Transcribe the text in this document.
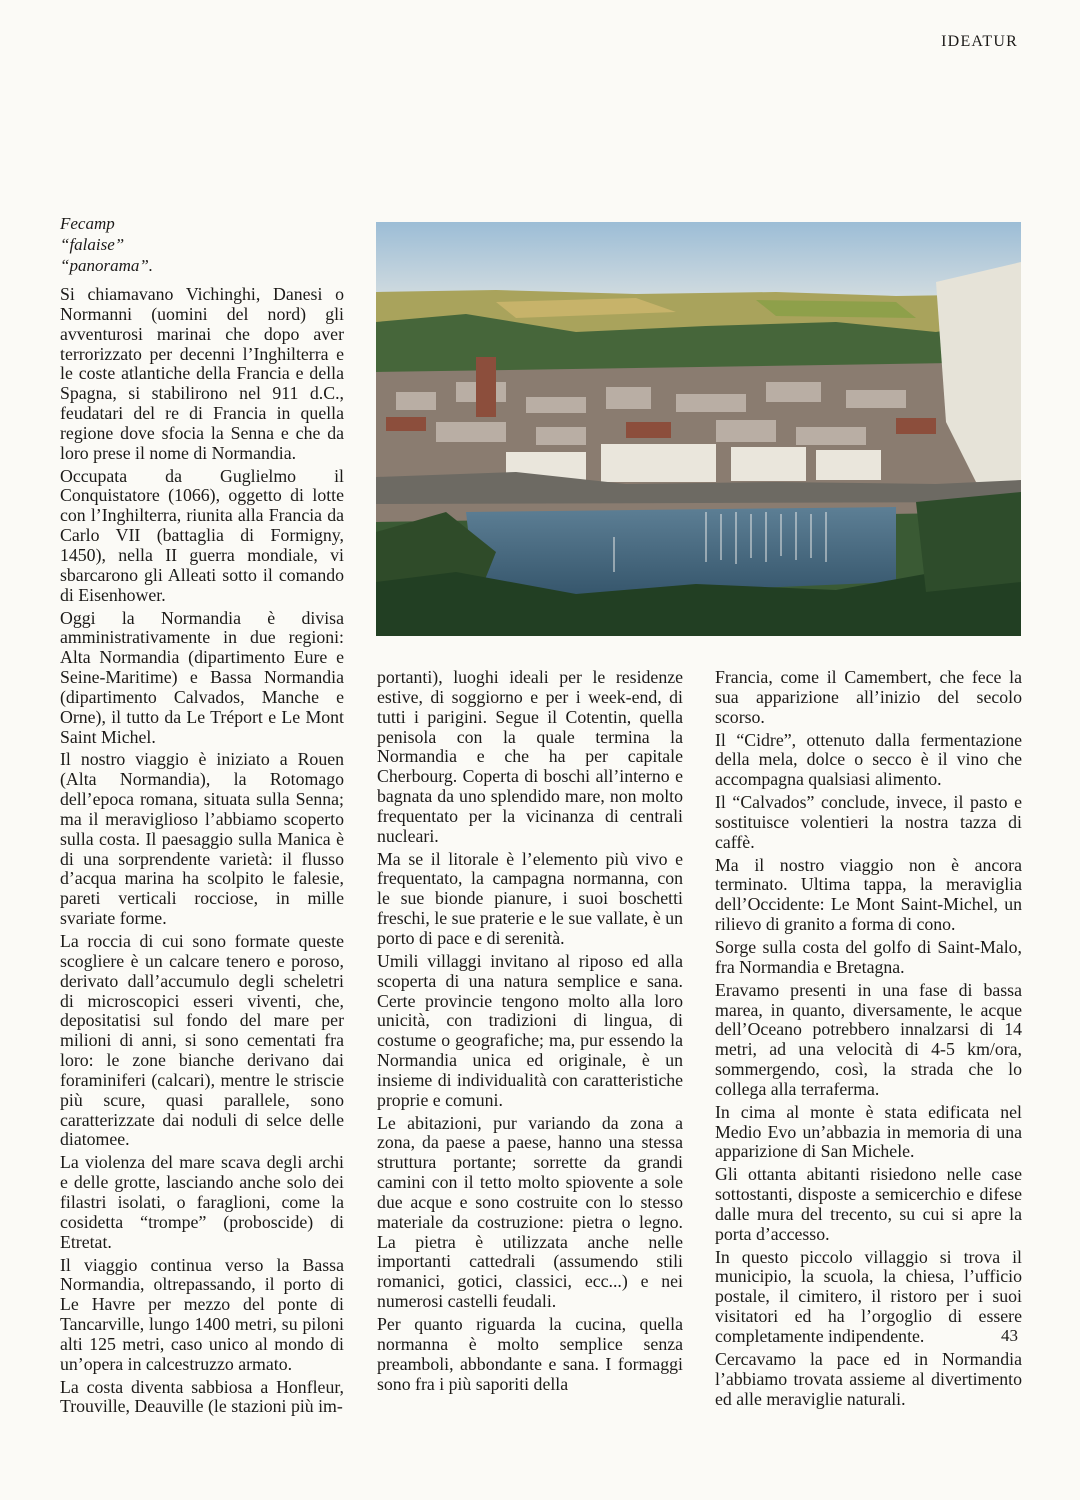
IDEATUR
Fecamp
“falaise”
“panorama”.

Si chiamavano Vichinghi, Danesi o Normanni (uomini del nord) gli avventurosi marinai che dopo aver terrorizzato per decenni l’Inghilterra e le coste atlantiche della Francia e della Spagna, si stabilirono nel 911 d.C., feudatari del re di Francia in quella regione dove sfocia la Senna e che da loro prese il nome di Normandia.

Occupata da Guglielmo il Conquistatore (1066), oggetto di lotte con l’Inghilterra, riunita alla Francia da Carlo VII (battaglia di Formigny, 1450), nella II guerra mondiale, vi sbarcarono gli Alleati sotto il comando di Eisenhower.

Oggi la Normandia è divisa amministrativamente in due regioni: Alta Normandia (dipartimento Eure e Seine-Maritime) e Bassa Normandia (dipartimento Calvados, Manche e Orne), il tutto da Le Tréport e Le Mont Saint Michel.

Il nostro viaggio è iniziato a Rouen (Alta Normandia), la Rotomago dell’epoca romana, situata sulla Senna; ma il meraviglioso l’abbiamo scoperto sulla costa. Il paesaggio sulla Manica è di una sorprendente varietà: il flusso d’acqua marina ha scolpito le falesie, pareti verticali rocciose, in mille svariate forme.

La roccia di cui sono formate queste scogliere è un calcare tenero e poroso, derivato dall’accumulo degli scheletri di microscopici esseri viventi, che, depositatisi sul fondo del mare per milioni di anni, si sono cementati fra loro: le zone bianche derivano dai foraminiferi (calcari), mentre le striscie più scure, quasi parallele, sono caratterizzate dai noduli di selce delle diatomee.

La violenza del mare scava degli archi e delle grotte, lasciando anche solo dei filastri isolati, o faraglioni, come la cosidetta “trompe” (proboscide) di Etretat.

Il viaggio continua verso la Bassa Normandia, oltrepassando, il porto di Le Havre per mezzo del ponte di Tancarville, lungo 1400 metri, su piloni alti 125 metri, caso unico al mondo di un’opera in calcestruzzo armato.

La costa diventa sabbiosa a Honfleur, Trouville, Deauville (le stazioni più im-

portanti), luoghi ideali per le residenze estive, di soggiorno e per i week-end, di tutti i parigini. Segue il Cotentin, quella penisola con la quale termina la Normandia e che ha per capitale Cherbourg. Coperta di boschi all’interno e bagnata da uno splendido mare, non molto frequentato per la vicinanza di centrali nucleari.

Ma se il litorale è l’elemento più vivo e frequentato, la campagna normanna, con le sue bionde pianure, i suoi boschetti freschi, le sue praterie e le sue vallate, è un porto di pace e di serenità.

Umili villaggi invitano al riposo ed alla scoperta di una natura semplice e sana. Certe provincie tengono molto alla loro unicità, con tradizioni di lingua, di costume o geografiche; ma, pur essendo la Normandia unica ed originale, è un insieme di individualità con caratteristiche proprie e comuni.

Le abitazioni, pur variando da zona a zona, da paese a paese, hanno una stessa struttura portante; sorrette da grandi camini con il tetto molto spiovente a sole due acque e sono costruite con lo stesso materiale da costruzione: pietra o legno. La pietra è utilizzata anche nelle importanti cattedrali (assumendo stili romanici, gotici, classici, ecc...) e nei numerosi castelli feudali.

Per quanto riguarda la cucina, quella normanna è molto semplice senza preamboli, abbondante e sana. I formaggi sono fra i più saporiti della

Francia, come il Camembert, che fece la sua apparizione all’inizio del secolo scorso.

Il “Cidre”, ottenuto dalla fermentazione della mela, dolce o secco è il vino che accompagna qualsiasi alimento.

Il “Calvados” conclude, invece, il pasto e sostituisce volentieri la nostra tazza di caffè.

Ma il nostro viaggio non è ancora terminato. Ultima tappa, la meraviglia dell’Occidente: Le Mont Saint-Michel, un rilievo di granito a forma di cono.

Sorge sulla costa del golfo di Saint-Malo, fra Normandia e Bretagna.

Eravamo presenti in una fase di bassa marea, in quanto, diversamente, le acque dell’Oceano potrebbero innalzarsi di 14 metri, ad una velocità di 4-5 km/ora, sommergendo, così, la strada che lo collega alla terraferma.

In cima al monte è stata edificata nel Medio Evo un’abbazia in memoria di una apparizione di San Michele.

Gli ottanta abitanti risiedono nelle case sottostanti, disposte a semicerchio e difese dalle mura del trecento, su cui si apre la porta d’accesso.

In questo piccolo villaggio si trova il municipio, la scuola, la chiesa, l’ufficio postale, il cimitero, il ristoro per i suoi visitatori ed ha l’orgoglio di essere completamente indipendente.

Cercavamo la pace ed in Normandia l’abbiamo trovata assieme al divertimento ed alle meraviglie naturali.

43
